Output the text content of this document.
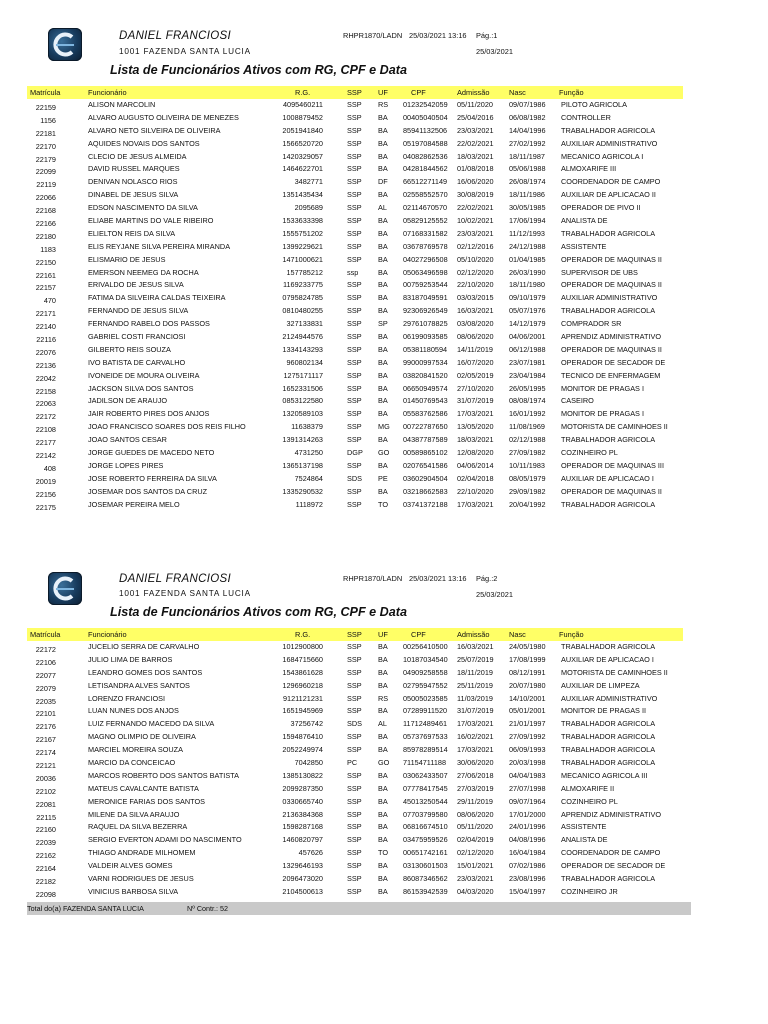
DANIEL FRANCIOSI
1001 FAZENDA SANTA LUCIA
RHPR1870/LADN 25/03/2021 13:16 Pág.:1
25/03/2021
Lista de Funcionários Ativos com RG, CPF e Data
Matrícula	Funcionário	R.G.	SSP UF	CPF	Admissão	Nasc	Função
22159	ALISON MARCOLIN	4095460211	SSP RS 01232542059 05/11/2020 09/07/1986 PILOTO AGRICOLA
1156	ALVARO AUGUSTO OLIVEIRA DE MENEZES	1008879452	SSP BA 00405040504 25/04/2016 06/08/1982 CONTROLLER
22181	ALVARO NETO SILVEIRA DE OLIVEIRA	2051941840	SSP BA 85941132506 23/03/2021 14/04/1996 TRABALHADOR AGRICOLA
22170	AQUIDES NOVAIS DOS SANTOS	1566520720	SSP BA 05197084588 22/02/2021 27/02/1992 AUXILIAR ADMINISTRATIVO
22179	CLECIO DE JESUS ALMEIDA	1420329057	SSP BA 04082862536 18/03/2021 18/11/1987 MECANICO AGRICOLA I
22099	DAVID RUSSEL MARQUES	1464622701	SSP BA 04281844562 01/08/2018 05/06/1988 ALMOXARIFE III
22119	DENIVAN NOLASCO RIOS	3482771	SSP DF 66512271149 16/06/2020 26/08/1974 COORDENADOR DE CAMPO
22066	DINABEL DE JESUS SILVA	1351435434	SSP BA 02558552570 30/08/2019 18/11/1986 AUXILIAR DE APLICACAO II
22168	EDSON NASCIMENTO DA SILVA	2095689	SSP AL 02114670570 22/02/2021 30/05/1985 OPERADOR DE PIVO II
22166	ELIABE MARTINS DO VALE RIBEIRO	1533633398	SSP BA 05829125552 10/02/2021 17/06/1994 ANALISTA DE
22180	ELIELTON REIS DA SILVA	1555751202	SSP BA 07168331582 23/03/2021 11/12/1993 TRABALHADOR AGRICOLA
1183	ELIS REYJANE SILVA PEREIRA MIRANDA	1399229621	SSP BA 03678769578 02/12/2016 24/12/1988 ASSISTENTE
22150	ELISMARIO DE JESUS	1471000621	SSP BA 04027296508 05/10/2020 01/04/1985 OPERADOR DE MAQUINAS II
22161	EMERSON NEEMEG DA ROCHA	157785212	ssp	BA 05063496598 02/12/2020 26/03/1990 SUPERVISOR DE UBS
22157	ERIVALDO DE JESUS SILVA	1169233775	SSP BA 00759253544 22/10/2020 18/11/1980 OPERADOR DE MAQUINAS II
470	FATIMA DA SILVEIRA CALDAS TEIXEIRA	0795824785	SSP BA 83187049591 03/03/2015 09/10/1979 AUXILIAR ADMINISTRATIVO
22171	FERNANDO DE JESUS SILVA	0810480255	SSP BA 92306926549 16/03/2021 05/07/1976 TRABALHADOR AGRICOLA
22140	FERNANDO RABELO DOS PASSOS	327133831	SSP SP 29761078825 03/08/2020 14/12/1979 COMPRADOR SR
22116	GABRIEL COSTI FRANCIOSI	2124944576	SSP BA 06199093585 08/06/2020 04/06/2001 APRENDIZ ADMINISTRATIVO
22076	GILBERTO REIS SOUZA	1334143293	SSP BA 05381180594 14/11/2019 06/12/1988 OPERADOR DE MAQUINAS II
22136	IVO BATISTA DE CARVALHO	960802134	SSP BA 99000997534 16/07/2020 23/07/1981 OPERADOR DE SECADOR DE
22042	IVONEIDE DE MOURA OLIVEIRA	1275171117	SSP BA 03820841520 02/05/2019 23/04/1984 TECNICO DE ENFERMAGEM
22158	JACKSON SILVA DOS SANTOS	1652331506	SSP BA 06650949574 27/10/2020 26/05/1995 MONITOR DE PRAGAS I
22063	JADILSON DE ARAUJO	0853122580	SSP BA 01450769543 31/07/2019 08/08/1974 CASEIRO
22172	JAIR ROBERTO PIRES DOS ANJOS	1320589103	SSP BA 05583762586 17/03/2021 16/01/1992 MONITOR DE PRAGAS I
22108	JOAO FRANCISCO SOARES DOS REIS FILHO	11638379	SSP MG 00722787650 13/05/2020 11/08/1969 MOTORISTA DE CAMINHOES II
22177	JOAO SANTOS CESAR	1391314263	SSP BA 04387787589 18/03/2021 02/12/1988 TRABALHADOR AGRICOLA
22142	JORGE GUEDES DE MACEDO NETO	4731250	DGP GO 00589865102 12/08/2020 27/09/1982 COZINHEIRO PL
408	JORGE LOPES PIRES	1365137198	SSP BA 02076541586 04/06/2014 10/11/1983 OPERADOR DE MAQUINAS III
20019	JOSE ROBERTO FERREIRA DA SILVA	7524864	SDS PE 03602904504 02/04/2018 08/05/1979 AUXILIAR DE APLICACAO I
22156	JOSEMAR DOS SANTOS DA CRUZ	1335290532	SSP BA 03218662583 22/10/2020 29/09/1982 OPERADOR DE MAQUINAS II
22175	JOSEMAR PEREIRA MELO	1118972	SSP TO 03741372188 17/03/2021 20/04/1992 TRABALHADOR AGRICOLA
DANIEL FRANCIOSI
1001 FAZENDA SANTA LUCIA
RHPR1870/LADN 25/03/2021 13:16 Pág.:2
25/03/2021
Lista de Funcionários Ativos com RG, CPF e Data
Matrícula	Funcionário	R.G.	SSP UF	CPF	Admissão	Nasc	Função
22172	JUCELIO SERRA DE CARVALHO	1012900800	SSP BA 00256410500 16/03/2021 24/05/1980 TRABALHADOR AGRICOLA
22106	JULIO LIMA DE BARROS	1684715660	SSP BA 10187034540 25/07/2019 17/08/1999 AUXILIAR DE APLICACAO I
22077	LEANDRO GOMES DOS SANTOS	1543861628	SSP BA 04909258558 18/11/2019 08/12/1991 MOTORISTA DE CAMINHOES II
22079	LETISANDRA ALVES SANTOS	1296960218	SSP BA 02795947552 25/11/2019 20/07/1980 AUXILIAR DE LIMPEZA
22035	LORENZO FRANCIOSI	9121121231	SSP RS 05005023585 11/03/2019 14/10/2001 AUXILIAR ADMINISTRATIVO
22101	LUAN NUNES DOS ANJOS	1651945969	SSP BA 07289911520 31/07/2019 05/01/2001 MONITOR DE PRAGAS II
22176	LUIZ FERNANDO MACEDO DA SILVA	37256742	SDS AL 11712489461 17/03/2021 21/01/1997 TRABALHADOR AGRICOLA
22167	MAGNO OLIMPIO DE OLIVEIRA	1594876410	SSP BA 05737697533 16/02/2021 27/09/1992 TRABALHADOR AGRICOLA
22174	MARCIEL MOREIRA SOUZA	2052249974	SSP BA 85978289514 17/03/2021 06/09/1993 TRABALHADOR AGRICOLA
22121	MARCIO DA CONCEICAO	7042850	PC	GO 71154711188 30/06/2020 20/03/1998 TRABALHADOR AGRICOLA
20036	MARCOS ROBERTO DOS SANTOS BATISTA	1385130822	SSP BA 03062433507 27/06/2018 04/04/1983 MECANICO AGRICOLA III
22102	MATEUS CAVALCANTE BATISTA	2099287350	SSP BA 07778417545 27/03/2019 27/07/1998 ALMOXARIFE II
22081	MERONICE FARIAS DOS SANTOS	0330665740	SSP BA 45013250544 29/11/2019 09/07/1964 COZINHEIRO PL
22115	MILENE DA SILVA ARAUJO	2136384368	SSP BA 07703799580 08/06/2020 17/01/2000 APRENDIZ ADMINISTRATIVO
22160	RAQUEL DA SILVA BEZERRA	1598287168	SSP BA 06816674510 05/11/2020 24/01/1996 ASSISTENTE
22039	SERGIO EVERTON ADAMI DO NASCIMENTO	1460820797	SSP BA 03475959526 02/04/2019 04/08/1996 ANALISTA DE
22162	THIAGO ANDRADE MILHOMEM	457626	SSP TO 00651742161 02/12/2020 16/04/1984 COORDENADOR DE CAMPO
22164	VALDEIR ALVES GOMES	1329646193	SSP BA 03130601503 15/01/2021 07/02/1986 OPERADOR DE SECADOR DE
22182	VARNI RODRIGUES DE JESUS	2096473020	SSP BA 86087346562 23/03/2021 23/08/1996 TRABALHADOR AGRICOLA
22098	VINICIUS BARBOSA SILVA	2104500613	SSP BA 86153942539 04/03/2020 15/04/1997 COZINHEIRO JR
Total do(a) FAZENDA SANTA LUCIA	Nº Contr.: 52
